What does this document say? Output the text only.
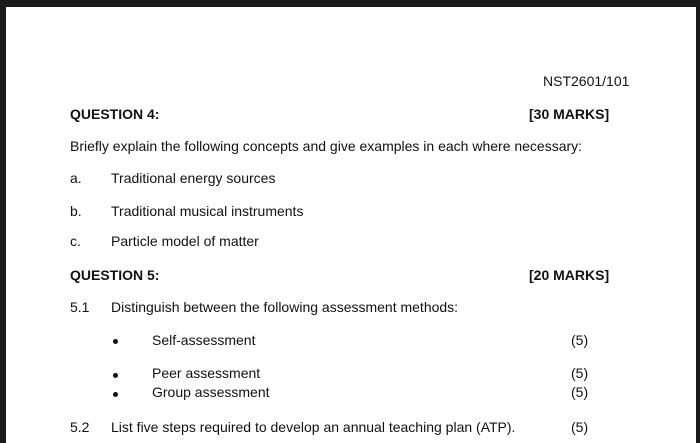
NST2601/101
QUESTION 4:	[30 MARKS]
Briefly explain the following concepts and give examples in each where necessary:
a. Traditional energy sources
b. Traditional musical instruments
c. Particle model of matter
QUESTION 5:	[20 MARKS]
5.1 Distinguish between the following assessment methods:
Self-assessment	(5)
Peer assessment	(5)
Group assessment	(5)
5.2 List five steps required to develop an annual teaching plan (ATP).	(5)
